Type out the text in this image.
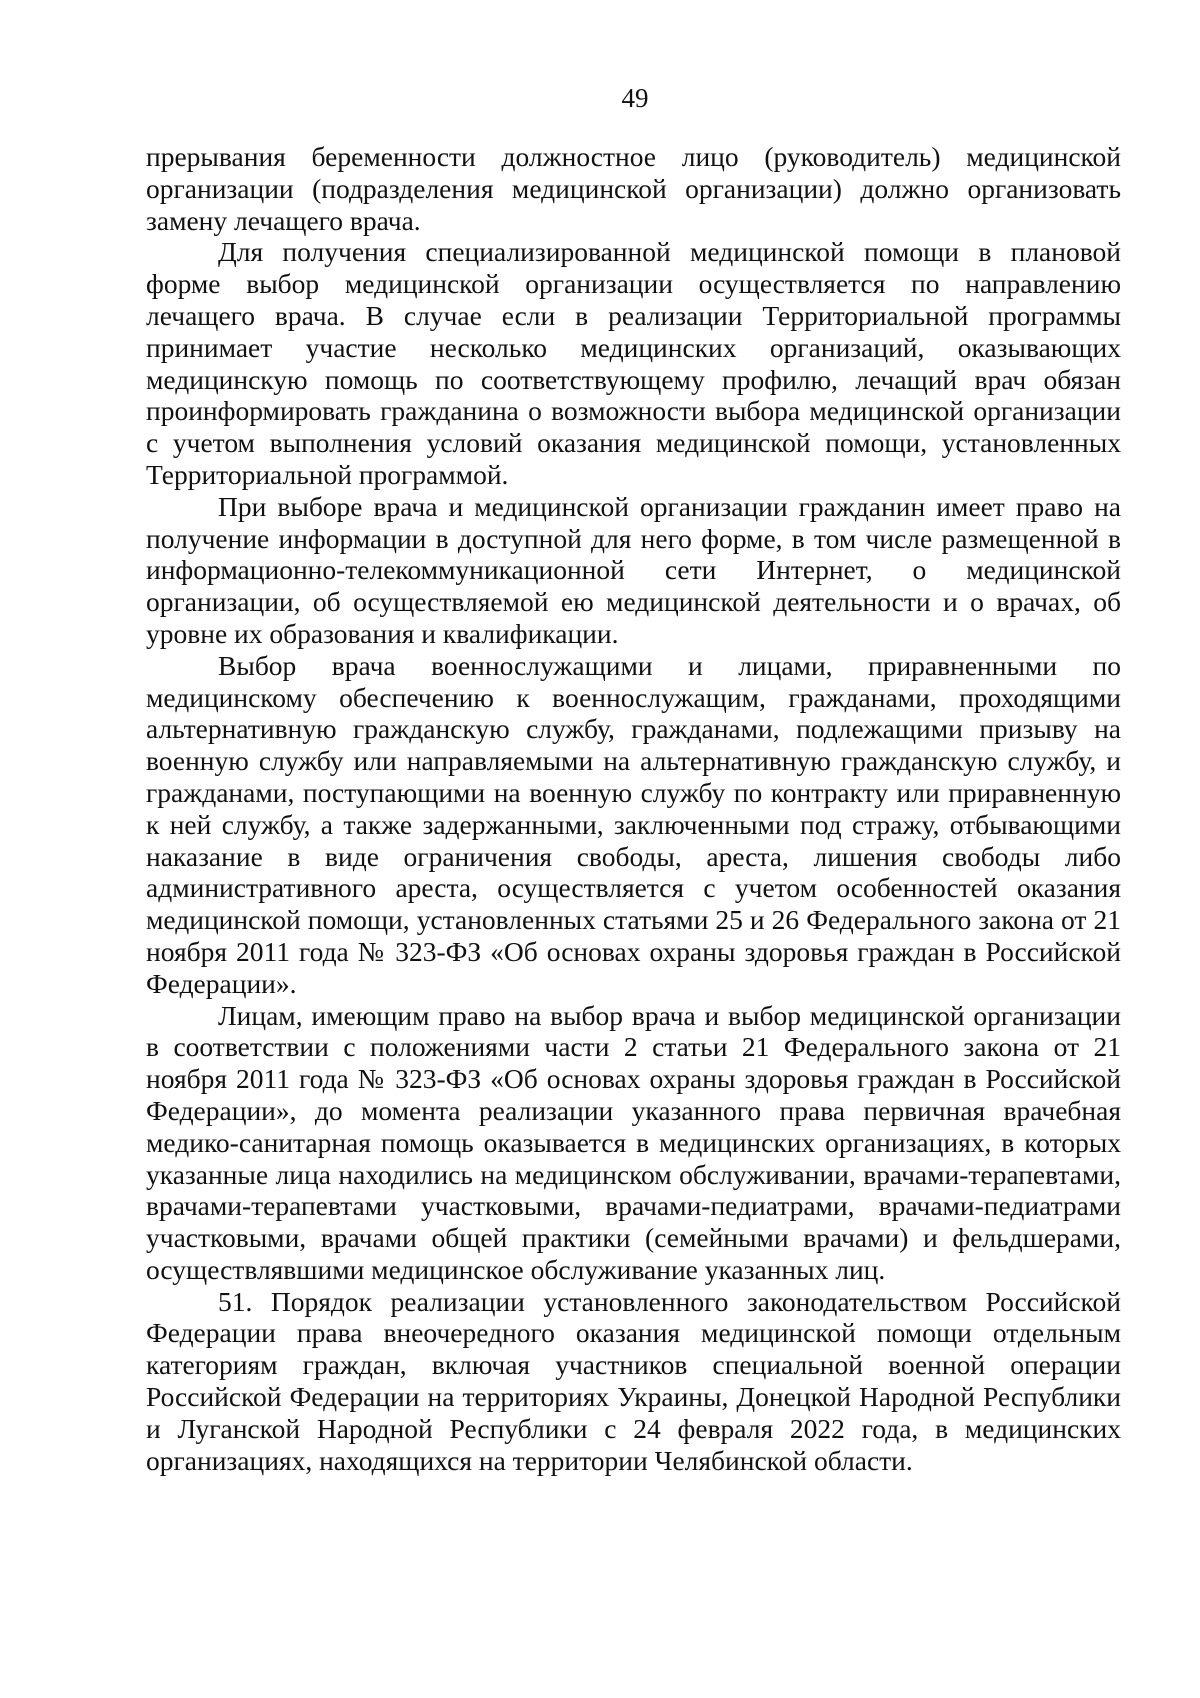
49

прерывания беременности должностное лицо (руководитель) медицинской организации (подразделения медицинской организации) должно организовать замену лечащего врача.

Для получения специализированной медицинской помощи в плановой форме выбор медицинской организации осуществляется по направлению лечащего врача. В случае если в реализации Территориальной программы принимает участие несколько медицинских организаций, оказывающих медицинскую помощь по соответствующему профилю, лечащий врач обязан проинформировать гражданина о возможности выбора медицинской организации с учетом выполнения условий оказания медицинской помощи, установленных Территориальной программой.

При выборе врача и медицинской организации гражданин имеет право на получение информации в доступной для него форме, в том числе размещенной в информационно-телекоммуникационной сети Интернет, о медицинской организации, об осуществляемой ею медицинской деятельности и о врачах, об уровне их образования и квалификации.

Выбор врача военнослужащими и лицами, приравненными по медицинскому обеспечению к военнослужащим, гражданами, проходящими альтернативную гражданскую службу, гражданами, подлежащими призыву на военную службу или направляемыми на альтернативную гражданскую службу, и гражданами, поступающими на военную службу по контракту или приравненную к ней службу, а также задержанными, заключенными под стражу, отбывающими наказание в виде ограничения свободы, ареста, лишения свободы либо административного ареста, осуществляется с учетом особенностей оказания медицинской помощи, установленных статьями 25 и 26 Федерального закона от 21 ноября 2011 года № 323-ФЗ «Об основах охраны здоровья граждан в Российской Федерации».

Лицам, имеющим право на выбор врача и выбор медицинской организации в соответствии с положениями части 2 статьи 21 Федерального закона от 21 ноября 2011 года № 323-ФЗ «Об основах охраны здоровья граждан в Российской Федерации», до момента реализации указанного права первичная врачебная медико-санитарная помощь оказывается в медицинских организациях, в которых указанные лица находились на медицинском обслуживании, врачами-терапевтами, врачами-терапевтами участковыми, врачами-педиатрами, врачами-педиатрами участковыми, врачами общей практики (семейными врачами) и фельдшерами, осуществлявшими медицинское обслуживание указанных лиц.

51. Порядок реализации установленного законодательством Российской Федерации права внеочередного оказания медицинской помощи отдельным категориям граждан, включая участников специальной военной операции Российской Федерации на территориях Украины, Донецкой Народной Республики и Луганской Народной Республики с 24 февраля 2022 года, в медицинских организациях, находящихся на территории Челябинской области.
